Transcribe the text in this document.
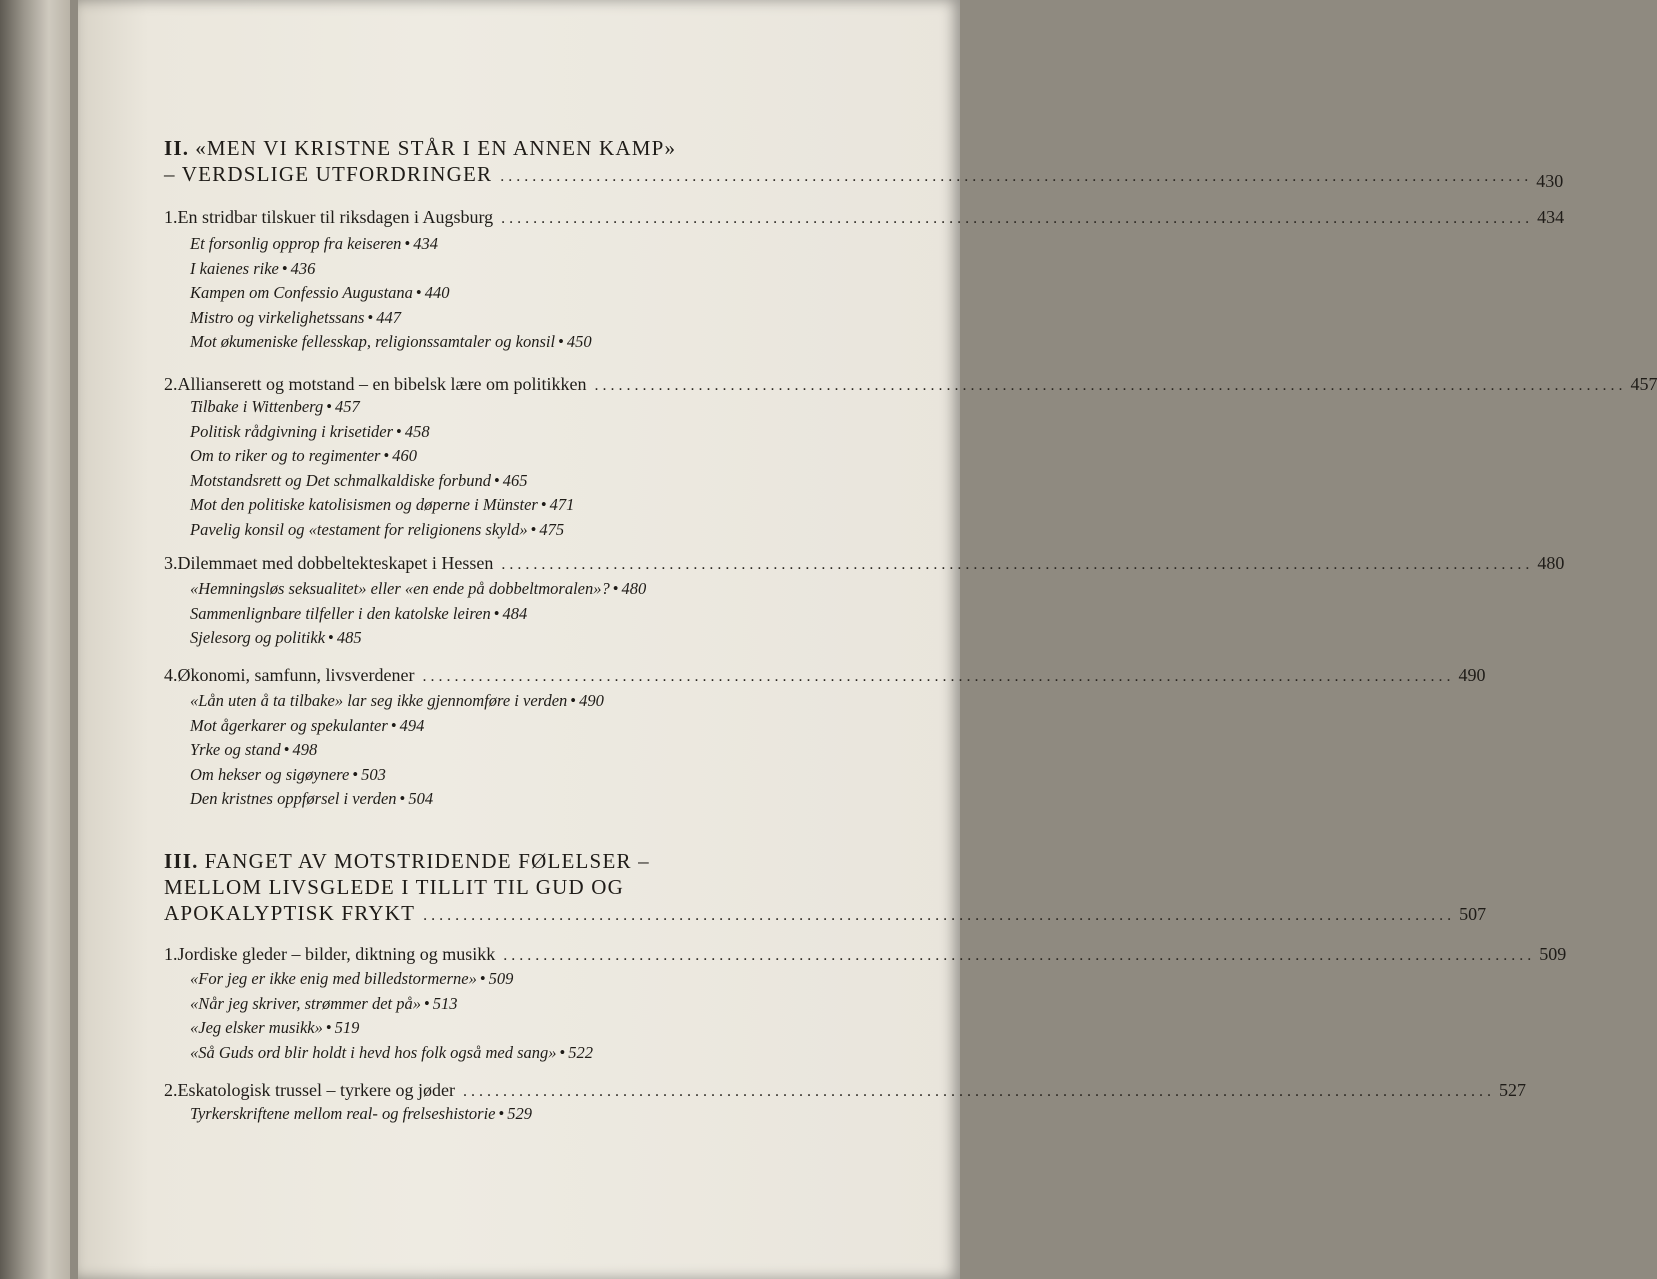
II. «MEN VI KRISTNE STÅR I EN ANNEN KAMP»
– VERDSLIGE UTFORDRINGER . . .	430
1. En stridbar tilskuer til riksdagen i Augsburg . . .	434
Et forsonlig opprop fra keiseren • 434
I kaienes rike • 436
Kampen om Confessio Augustana • 440
Mistro og virkelighetssans • 447
Mot økumeniske fellesskap, religionssamtaler og konsil • 450
2. Allianserett og motstand – en bibelsk lære om politikken . . .	457
Tilbake i Wittenberg • 457
Politisk rådgivning i krisetider • 458
Om to riker og to regimenter • 460
Motstandsrett og Det schmalkaldiske forbund • 465
Mot den politiske katolisismen og døperne i Münster • 471
Pavelig konsil og «testament for religionens skyld» • 475
3. Dilemmaet med dobbeltekteskapet i Hessen . . .	480
«Hemningsløs seksualitet» eller «en ende på dobbeltmoralen»? • 480
Sammenlignbare tilfeller i den katolske leiren • 484
Sjelesorg og politikk • 485
4. Økonomi, samfunn, livsverdener . . .	490
«Lån uten å ta tilbake» lar seg ikke gjennomføre i verden • 490
Mot ågerkarer og spekulanter • 494
Yrke og stand • 498
Om hekser og sigøynere • 503
Den kristnes oppførsel i verden • 504
III. FANGET AV MOTSTRIDENDE FØLELSER –
MELLOM LIVSGLEDE I TILLIT TIL GUD OG
APOKALYPTISK FRYKT . . .	507
1. Jordiske gleder – bilder, diktning og musikk . . .	509
«For jeg er ikke enig med billedstormerne» • 509
«Når jeg skriver, strømmer det på» • 513
«Jeg elsker musikk» • 519
«Så Guds ord blir holdt i hevd hos folk også med sang» • 522
2. Eskatologisk trussel – tyrkere og jøder . . .	527
Tyrkerskriftene mellom real- og frelseshistorie • 529
